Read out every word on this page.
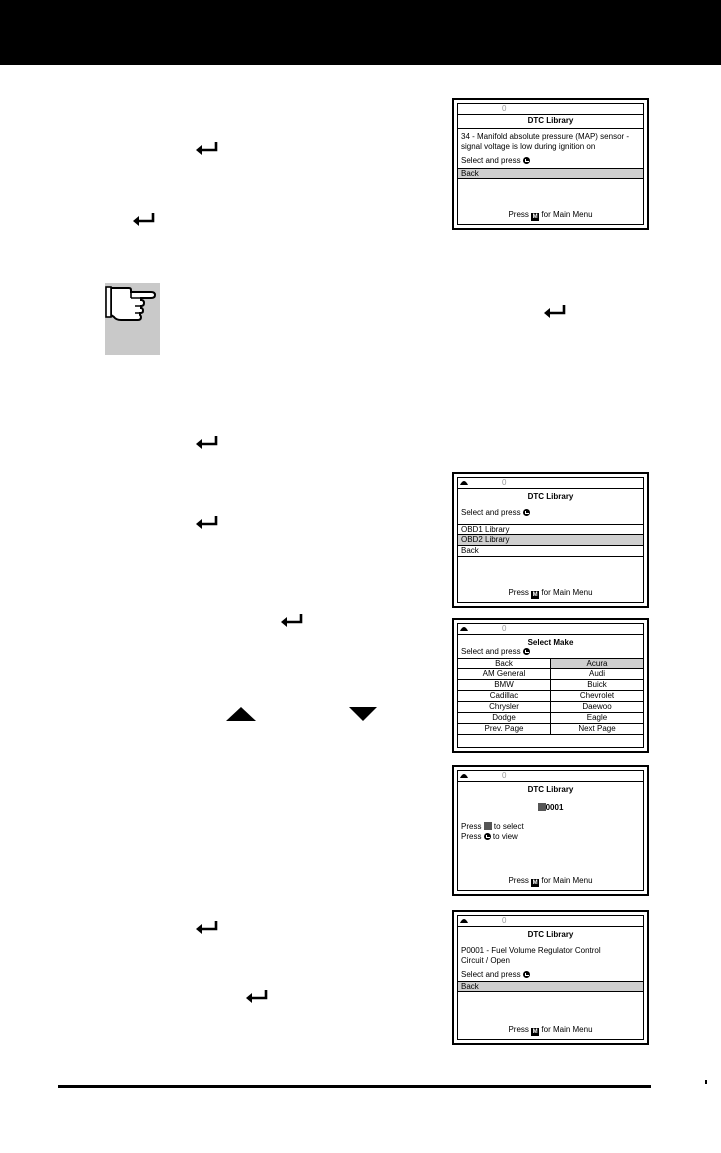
0
DTC Library
34 - Manifold absolute pressure (MAP) sensor -
signal voltage is low during ignition on
Select and press
Back
Press M for Main Menu
0
DTC Library
Select and press
OBD1 Library
OBD2 Library
Back
Press M for Main Menu
0
Select Make
Select and press
Back	Acura
AM General	Audi
BMW	Buick
Cadillac	Chevrolet
Chrysler	Daewoo
Dodge	Eagle
Prev. Page	Next Page
0
DTC Library
0001
Press to select
Press to view
Press M for Main Menu
0
DTC Library
P0001 - Fuel Volume Regulator Control
Circuit / Open
Select and press
Back
Press M for Main Menu
